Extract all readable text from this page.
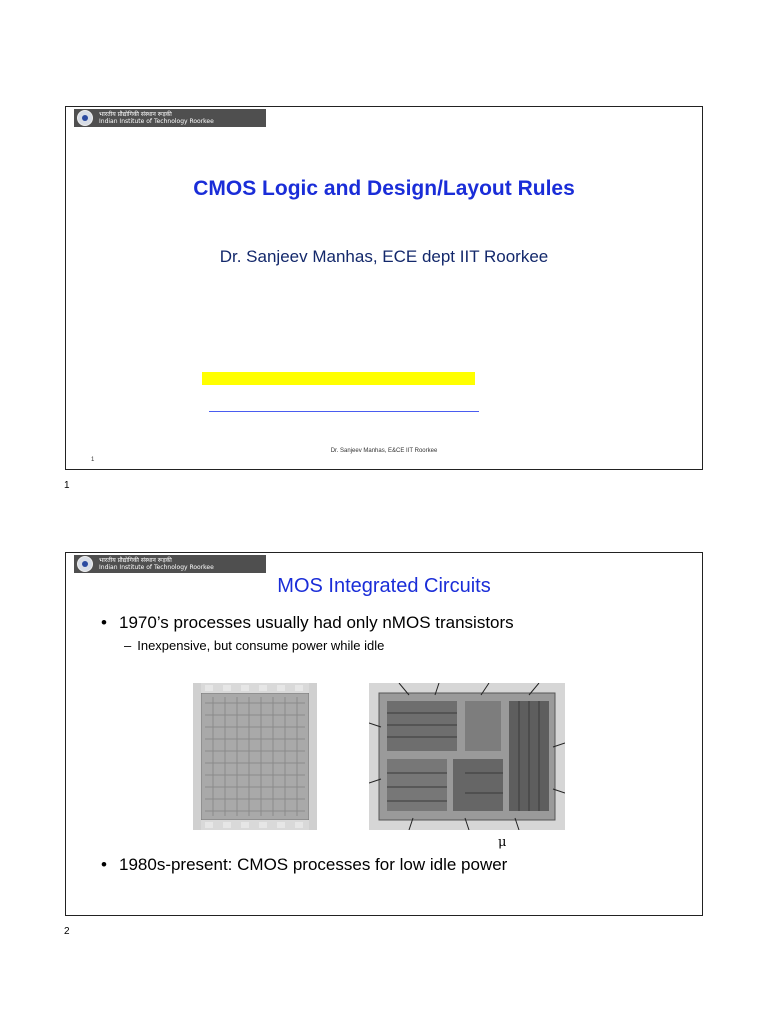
भारतीय प्रौद्योगिकी संस्थान रूड़की
Indian Institute of Technology Roorkee
CMOS Logic and Design/Layout Rules
Dr. Sanjeev Manhas, ECE dept IIT Roorkee
Dr. Sanjeev Manhas, E&CE IIT Roorkee
1
1
भारतीय प्रौद्योगिकी संस्थान रूड़की
Indian Institute of Technology Roorkee
MOS Integrated Circuits
• 1970’s processes usually had only nMOS transistors
– Inexpensive, but consume power while idle
μ
• 1980s-present: CMOS processes for low idle power
2
